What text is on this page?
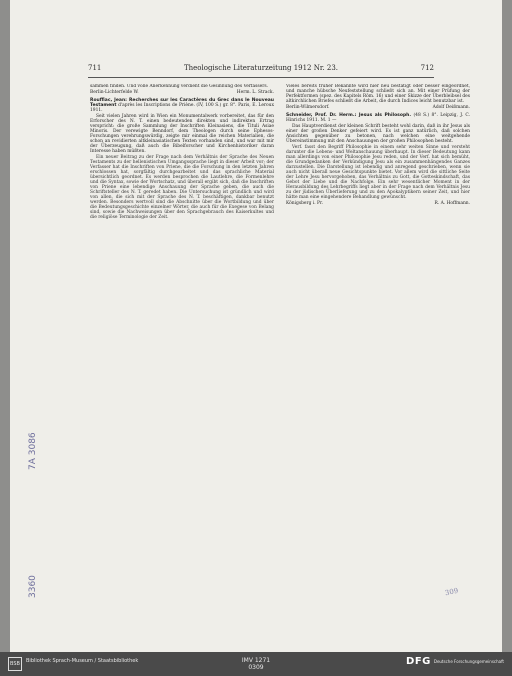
711	Theologische Literaturzeitung 1912 Nr. 23.	712

sammen finden. Und volle Anerkennung verdient die Gesinnung des Verfassers.

Berlin-Lichterfelde W.	Herm. L. Strack.

Rouffiac, Jean: Recherches sur les Caractères du Grec dans le Nouveau Testament d'après les Inscriptions de Priène. (IV, 100 S.) gr. 8°. Paris, E. Leroux 1911.

Seit vielen Jahren wird in Wien ein Monumentalwerk vorbereitet, das für den Erforscher des N. T. einen bedeutenden direkten und indirekten Ertrag verspricht: die große Sammlung der Inschriften Kleinasiens, die Tituli Asiae Minoris. Der verewigte Benndorf, dem Theologen durch seine Ephesos-Forschungen verehrungswürdig, zeigte mir einmal die reichen Materialien, die schon an revidierten altkleinasiatischen Texten vorhanden sind, und war mit mir der Überzeugung, daß auch die Bibelforscher und Kirchenhistoriker daran Interesse haben müßten.

Ein neuer Beitrag zu der Frage nach dem Verhältnis der Sprache des Neuen Testaments zu der hellenistischen Umgangssprache liegt in dieser Arbeit vor; der Verfasser hat die Inschriften von Priene, die die Forschung in den letzten Jahren erschlossen hat, sorgfältig durchgearbeitet und das sprachliche Material übersichtlich geordnet. Es werden besprochen die Lautlehre, die Formenlehre und die Syntax, sowie der Wortschatz, und überall ergibt sich, daß die Inschriften von Priene eine lebendige Anschauung der Sprache geben, die auch die Schriftsteller des N. T. geredet haben. Die Untersuchung ist gründlich und wird von allen, die sich mit der Sprache des N. T. beschäftigen, dankbar benutzt werden. Besonders wertvoll sind die Abschnitte über die Wortbildung und über die Bedeutungsgeschichte einzelner Wörter, die auch für die Exegese von Belang sind, sowie die Nachweisungen über den Sprachgebrauch des Kaiserkultes und die religiöse Terminologie der Zeit.

Vieles bereits früher Bekannte wird hier neu bestätigt oder besser eingeordnet, und manche hübsche Neufeststellung schließt sich an. Mit einer Prüfung der Perfektformen (spez. des Kapitels Röm. 16) und einer Skizze der Überbleibsel des altkirchlichen Briefes schließt die Arbeit, die durch Indices leicht benutzbar ist.

Berlin-Wilmersdorf.	Adolf Deißmann.

Schneider, Prof. Dr. Herm.: Jesus als Philosoph. (48 S.) 8°. Leipzig, J. C. Hinrichs 1911. M. 1 —

Das Hauptverdienst der kleinen Schrift besteht wohl darin, daß in ihr Jesus als einer der großen Denker gefeiert wird. Es ist ganz natürlich, daß solchen Ansichten gegenüber zu betonen, nach welchen eine weitgehende Übereinstimmung mit den Anschauungen der großen Philosophen besteht.

Verf. fasst den Begriff Philosophie in einem sehr weiten Sinne und versteht darunter die Lebens- und Weltanschauung überhaupt. In dieser Bedeutung kann man allerdings von einer Philosophie Jesu reden, und der Verf. hat sich bemüht, die Grundgedanken der Verkündigung Jesu als ein zusammenhängendes Ganzes darzustellen. Die Darstellung ist lebendig und anregend geschrieben, wenn sie auch nicht überall neue Gesichtspunkte bietet. Vor allem wird die sittliche Seite der Lehre Jesu hervorgehoben, das Verhältnis zu Gott, die Gotteskindschaft, das Gebot der Liebe und die Nachfolge. Ein sehr wesentlicher Moment in der Herausbildung des Lehrbegriffs liegt aber in der Frage nach dem Verhältnis Jesu zu der jüdischen Überlieferung und zu den Apokalyptikern seiner Zeit, und hier hätte man eine eingehendere Behandlung gewünscht.

Königsberg i. Pr.	R. A. Hoffmann.
7A 3086
3360	309
BSB	Bibliothek Sprach-Museum / Staatsbibliothek	IMV 1271
0309
DFG Deutsche Forschungsgemeinschaft
